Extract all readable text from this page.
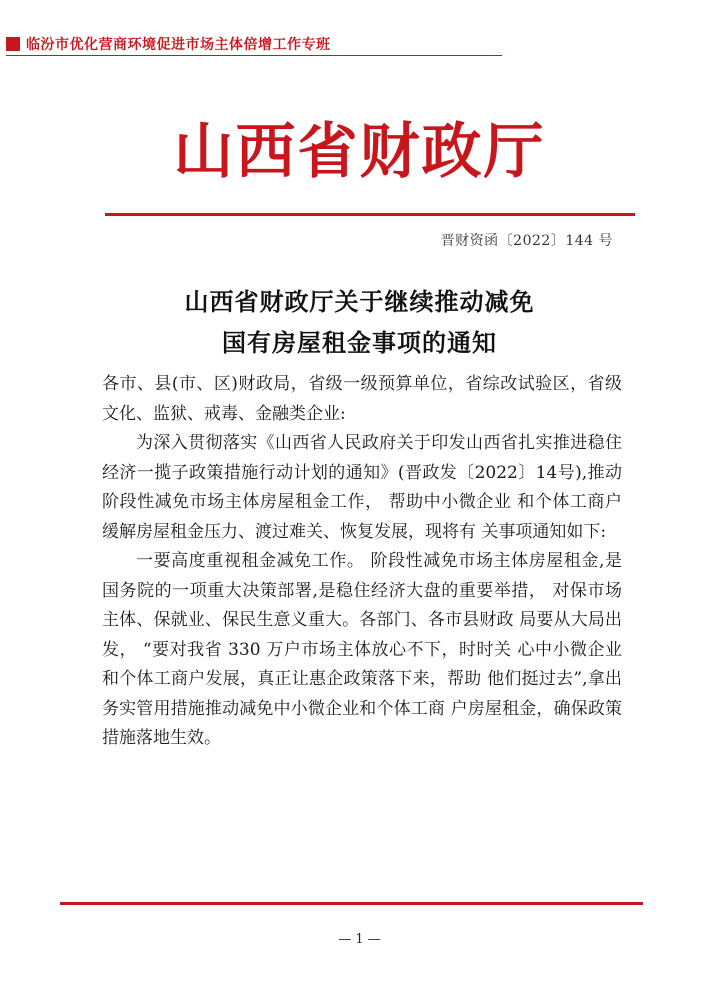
临汾市优化营商环境促进市场主体倍增工作专班
山西省财政厅
晋财资函〔2022〕144 号
山西省财政厅关于继续推动减免
国有房屋租金事项的通知

各市、县(市、区)财政局，省级一级预算单位，省综改试验区，省级文化、监狱、戒毒、金融类企业:

为深入贯彻落实《山西省人民政府关于印发山西省扎实推进稳住经济一揽子政策措施行动计划的通知》(晋政发〔2022〕14号),推动阶段性减免市场主体房屋租金工作， 帮助中小微企业 和个体工商户缓解房屋租金压力、渡过难关、恢复发展，现将有 关事项通知如下:

一要高度重视租金减免工作。 阶段性减免市场主体房屋租金,是国务院的一项重大决策部署,是稳住经济大盘的重要举措， 对保市场主体、保就业、保民生意义重大。各部门、各市县财政 局要从大局出发， “要对我省 330 万户市场主体放心不下，时时关 心中小微企业和个体工商户发展，真正让惠企政策落下来，帮助 他们挺过去”,拿出务实管用措施推动减免中小微企业和个体工商 户房屋租金，确保政策措施落地生效。

— 1 —
